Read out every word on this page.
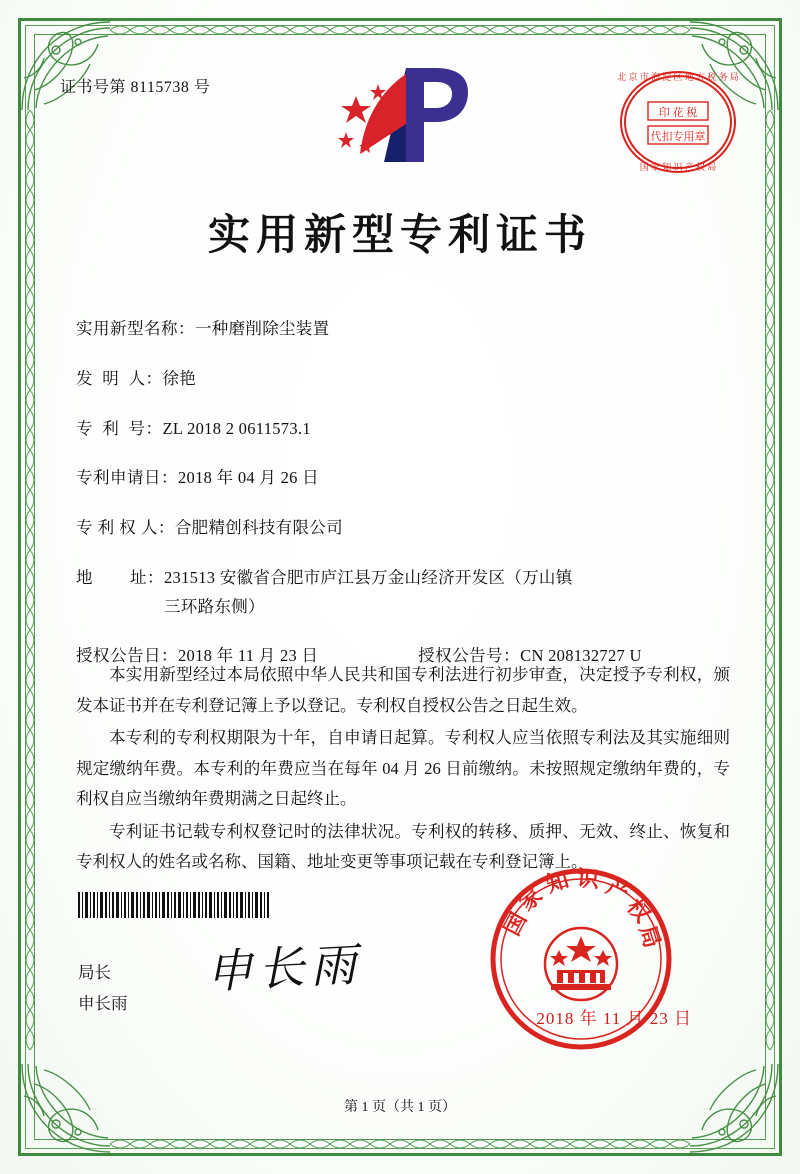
证书号第 8115738 号
北 京 市 海 淀 区 地 方 税 务 局
国 家 知 识 产 权 局
印 花 税
代扣专用章
实用新型专利证书
实用新型名称： 一种磨削除尘装置
发  明  人： 徐艳
专  利  号： ZL 2018 2 0611573.1
专利申请日： 2018 年 04 月 26 日
专 利 权 人： 合肥精创科技有限公司
地        址： 231513 安徽省合肥市庐江县万金山经济开发区（万山镇
三环路东侧）
授权公告日： 2018 年 11 月 23 日	授权公告号： CN 208132727 U

本实用新型经过本局依照中华人民共和国专利法进行初步审查，决定授予专利权，颁发本证书并在专利登记簿上予以登记。专利权自授权公告之日起生效。

本专利的专利权期限为十年，自申请日起算。专利权人应当依照专利法及其实施细则规定缴纳年费。本专利的年费应当在每年 04 月 26 日前缴纳。未按照规定缴纳年费的，专利权自应当缴纳年费期满之日起终止。

专利证书记载专利权登记时的法律状况。专利权的转移、质押、无效、终止、恢复和专利权人的姓名或名称、国籍、地址变更等事项记载在专利登记簿上。

局长
申长雨
申长雨
国
家
知 识 产
权
局
2018 年 11 月 23 日
第 1 页（共 1 页）
